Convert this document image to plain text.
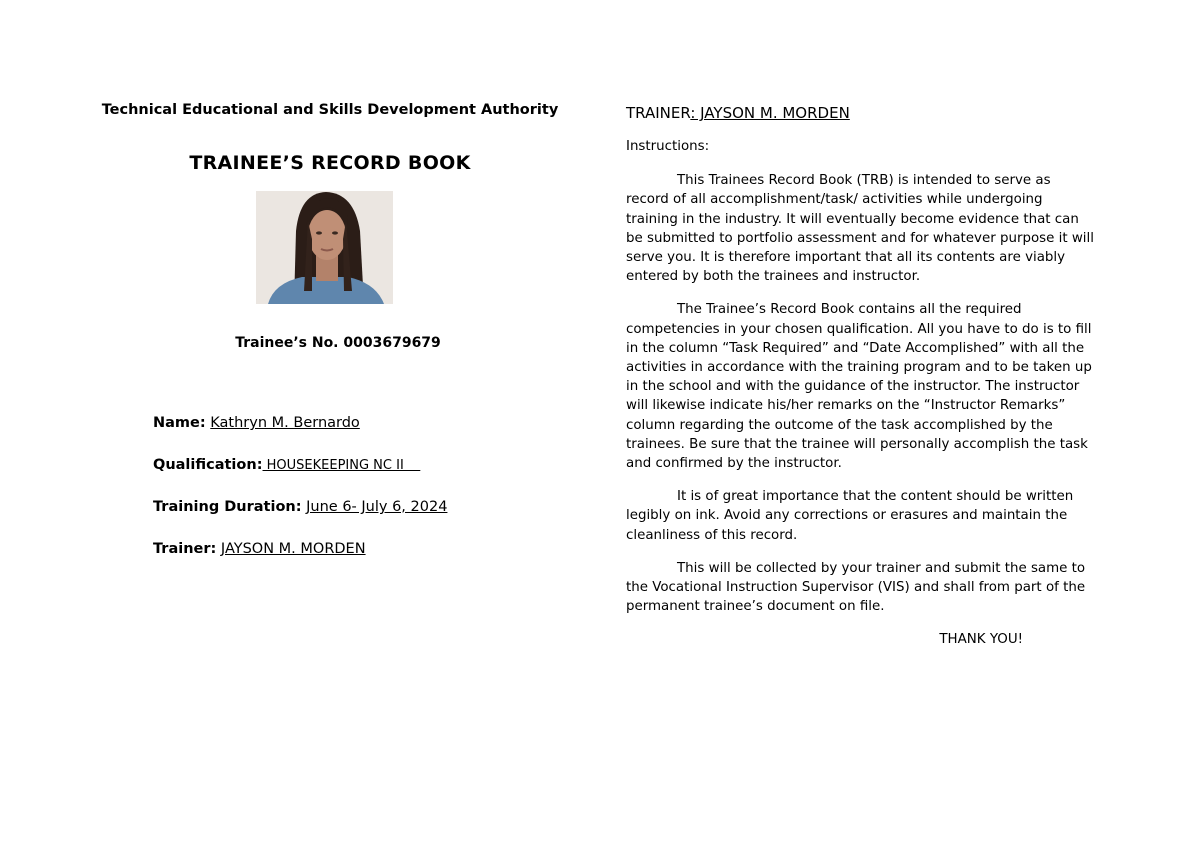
Technical Educational and Skills Development Authority

TRAINEE’S RECORD BOOK
Trainee’s No. 0003679679
Name: Kathryn M. Bernardo
Qualification: HOUSEKEEPING NC II
Training Duration: June 6- July 6, 2024
Trainer: JAYSON M. MORDEN

TRAINER: JAYSON M. MORDEN

Instructions:

This Trainees Record Book (TRB) is intended to serve as record of all accomplishment/task/ activities while undergoing training in the industry. It will eventually become evidence that can be submitted to portfolio assessment and for whatever purpose it will serve you. It is therefore important that all its contents are viably entered by both the trainees and instructor.

The Trainee’s Record Book contains all the required competencies in your chosen qualification. All you have to do is to fill in the column “Task Required” and “Date Accomplished” with all the activities in accordance with the training program and to be taken up in the school and with the guidance of the instructor. The instructor will likewise indicate his/her remarks on the “Instructor Remarks” column regarding the outcome of the task accomplished by the trainees. Be sure that the trainee will personally accomplish the task and confirmed by the instructor.

It is of great importance that the content should be written legibly on ink. Avoid any corrections or erasures and maintain the cleanliness of this record.

This will be collected by your trainer and submit the same to the Vocational Instruction Supervisor (VIS) and shall from part of the permanent trainee’s document on file.

THANK YOU!
